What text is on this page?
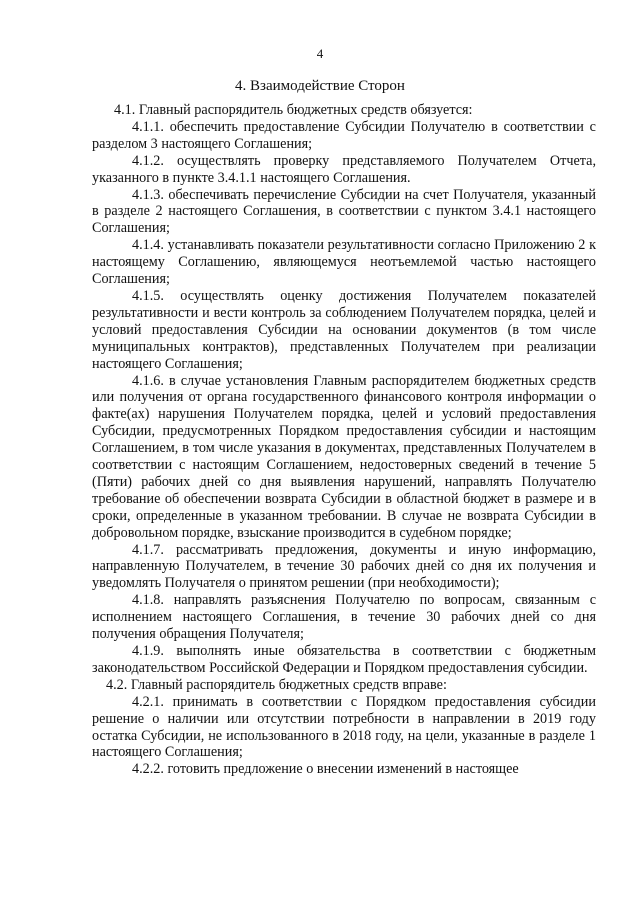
4
4. Взаимодействие Сторон

4.1. Главный распорядитель бюджетных средств обязуется:

4.1.1. обеспечить предоставление Субсидии Получателю в соответствии с разделом 3 настоящего Соглашения;

4.1.2. осуществлять проверку представляемого Получателем Отчета, указанного в пункте 3.4.1.1 настоящего Соглашения.

4.1.3. обеспечивать перечисление Субсидии на счет Получателя, указанный в разделе 2 настоящего Соглашения, в соответствии с пунктом 3.4.1 настоящего Соглашения;

4.1.4. устанавливать показатели результативности согласно Приложению 2 к настоящему Соглашению, являющемуся неотъемлемой частью настоящего Соглашения;

4.1.5. осуществлять оценку достижения Получателем показателей результативности и вести контроль за соблюдением Получателем порядка, целей и условий предоставления Субсидии на основании документов (в том числе муниципальных контрактов), представленных Получателем при реализации настоящего Соглашения;

4.1.6. в случае установления Главным распорядителем бюджетных средств или получения от органа государственного финансового контроля информации о факте(ах) нарушения Получателем порядка, целей и условий предоставления Субсидии, предусмотренных Порядком предоставления субсидии и настоящим Соглашением, в том числе указания в документах, представленных Получателем в соответствии с настоящим Соглашением, недостоверных сведений в течение 5 (Пяти) рабочих дней со дня выявления нарушений, направлять Получателю требование об обеспечении возврата Субсидии в областной бюджет в размере и в сроки, определенные в указанном требовании. В случае не возврата Субсидии в добровольном порядке, взыскание производится в судебном порядке;

4.1.7. рассматривать предложения, документы и иную информацию, направленную Получателем, в течение 30 рабочих дней со дня их получения и уведомлять Получателя о принятом решении (при необходимости);

4.1.8. направлять разъяснения Получателю по вопросам, связанным с исполнением настоящего Соглашения, в течение 30 рабочих дней со дня получения обращения Получателя;

4.1.9. выполнять иные обязательства в соответствии с бюджетным законодательством Российской Федерации и Порядком предоставления субсидии.

4.2. Главный распорядитель бюджетных средств вправе:

4.2.1. принимать в соответствии с Порядком предоставления субсидии решение о наличии или отсутствии потребности в направлении в 2019 году остатка Субсидии, не использованного в 2018 году, на цели, указанные в разделе 1 настоящего Соглашения;

4.2.2. готовить предложение о внесении изменений в настоящее
